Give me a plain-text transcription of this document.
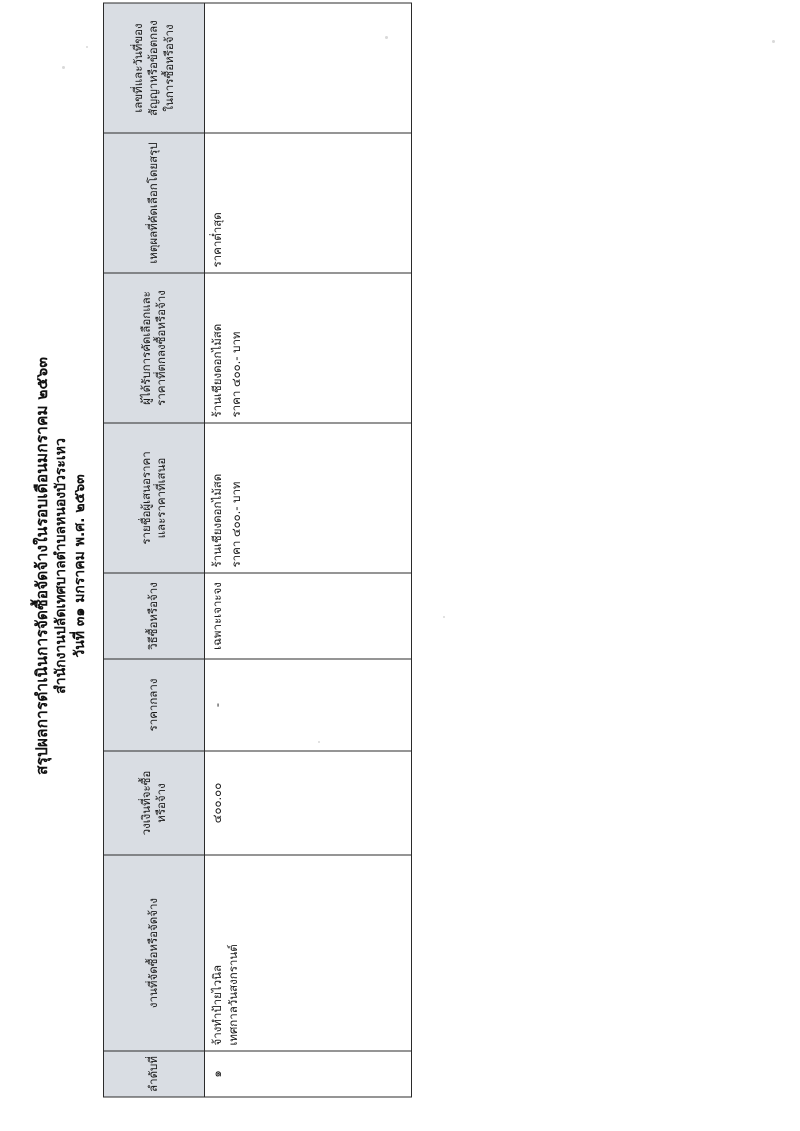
สรุปผลการดำเนินการจัดซื้อจัดจ้างในรอบเดือนมกราคม ๒๕๖๓ สำนักงานปลัดเทศบาลตำบลหนองบัวระเหว วันที่ ๓๑ มกราคม พ.ศ. ๒๕๖๓
ลำดับที่	งานที่จัดซื้อหรือจัดจ้าง	วงเงินที่จะซื้อ หรือจ้าง	ราคากลาง	วิธีซื้อหรือจ้าง	รายชื่อผู้เสนอราคา และราคาที่เสนอ	ผู้ได้รับการคัดเลือกและ ราคาที่ตกลงซื้อหรือจ้าง	เหตุผลที่คัดเลือกโดยสรุป	เลขที่และวันที่ของ สัญญาหรือข้อตกลง ในการซื้อหรือจ้าง

๑	จ้างทำป้ายไวนิล เทศกาลวันสงกรานต์	๔๐๐.๐๐	-	เฉพาะเจาะจง	ร้านเชียงดอกไม้สด ราคา ๔๐๐.- บาท	ร้านเชียงดอกไม้สด ราคา ๔๐๐.- บาท	ราคาต่ำสุด	
